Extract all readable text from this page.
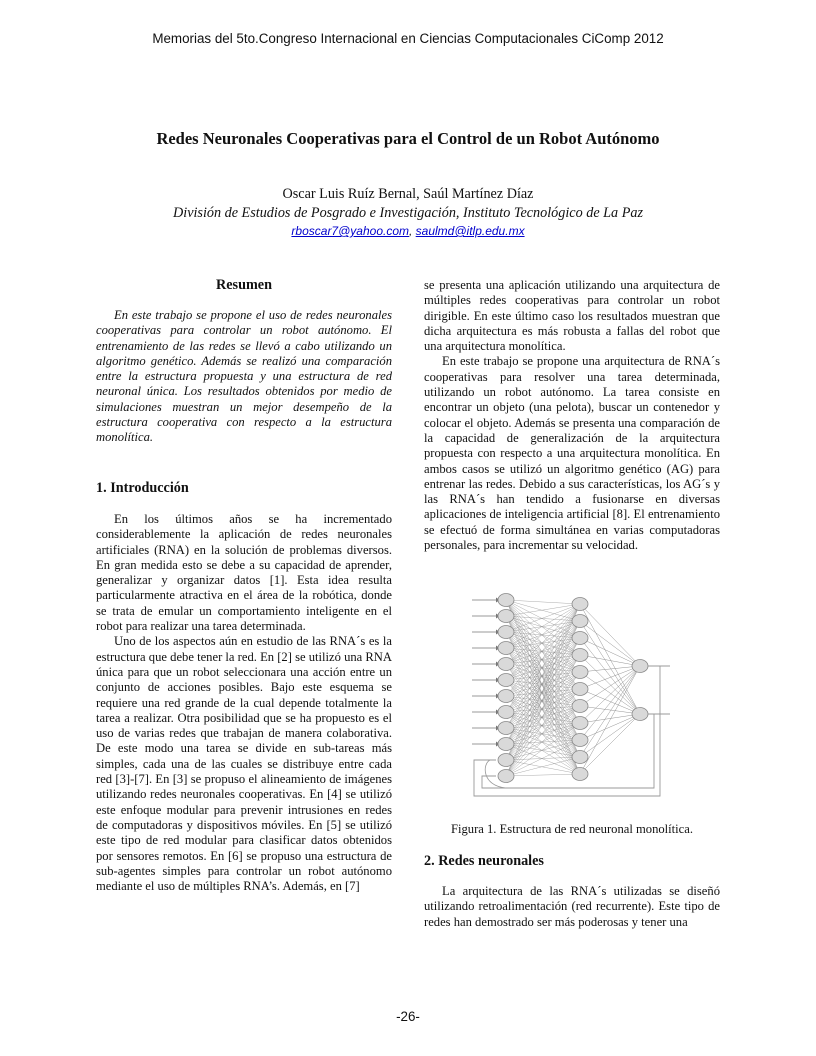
Memorias del 5to.Congreso Internacional en Ciencias Computacionales CiComp 2012
Redes Neuronales Cooperativas para el Control de un Robot Autónomo
Oscar Luis Ruíz Bernal, Saúl Martínez Díaz
División de Estudios de Posgrado e Investigación, Instituto Tecnológico de La Paz
rboscar7@yahoo.com, saulmd@itlp.edu.mx
Resumen

En este trabajo se propone el uso de redes neuronales cooperativas para controlar un robot autónomo. El entrenamiento de las redes se llevó a cabo utilizando un algoritmo genético. Además se realizó una comparación entre la estructura propuesta y una estructura de red neuronal única. Los resultados obtenidos por medio de simulaciones muestran un mejor desempeño de la estructura cooperativa con respecto a la estructura monolítica.

1. Introducción

En los últimos años se ha incrementado considerablemente la aplicación de redes neuronales artificiales (RNA) en la solución de problemas diversos. En gran medida esto se debe a su capacidad de aprender, generalizar y organizar datos [1]. Esta idea resulta particularmente atractiva en el área de la robótica, donde se trata de emular un comportamiento inteligente en el robot para realizar una tarea determinada.

Uno de los aspectos aún en estudio de las RNA´s es la estructura que debe tener la red. En [2] se utilizó una RNA única para que un robot seleccionara una acción entre un conjunto de acciones posibles. Bajo este esquema se requiere una red grande de la cual depende totalmente la tarea a realizar. Otra posibilidad que se ha propuesto es el uso de varias redes que trabajan de manera colaborativa. De este modo una tarea se divide en sub-tareas más simples, cada una de las cuales se distribuye entre cada red [3]-[7]. En [3] se propuso el alineamiento de imágenes utilizando redes neuronales cooperativas. En [4] se utilizó este enfoque modular para prevenir intrusiones en redes de computadoras y dispositivos móviles. En [5] se utilizó este tipo de red modular para clasificar datos obtenidos por sensores remotos. En [6] se propuso una estructura de sub-agentes simples para controlar un robot autónomo mediante el uso de múltiples RNA’s. Además, en [7]

se presenta una aplicación utilizando una arquitectura de múltiples redes cooperativas para controlar un robot dirigible. En este último caso los resultados muestran que dicha arquitectura es más robusta a fallas del robot que una arquitectura monolítica.

En este trabajo se propone una arquitectura de RNA´s cooperativas para resolver una tarea determinada, utilizando un robot autónomo. La tarea consiste en encontrar un objeto (una pelota), buscar un contenedor y colocar el objeto. Además se presenta una comparación de la capacidad de generalización de la arquitectura propuesta con respecto a una arquitectura monolítica. En ambos casos se utilizó un algoritmo genético (AG) para entrenar las redes. Debido a sus características, los AG´s y las RNA´s han tendido a fusionarse en diversas aplicaciones de inteligencia artificial [8]. El entrenamiento se efectuó de forma simultánea en varias computadoras personales, para incrementar su velocidad.

Figura 1. Estructura de red neuronal monolítica.
2. Redes neuronales

La arquitectura de las RNA´s utilizadas se diseñó utilizando retroalimentación (red recurrente). Este tipo de redes han demostrado ser más poderosas y tener una

-26-
